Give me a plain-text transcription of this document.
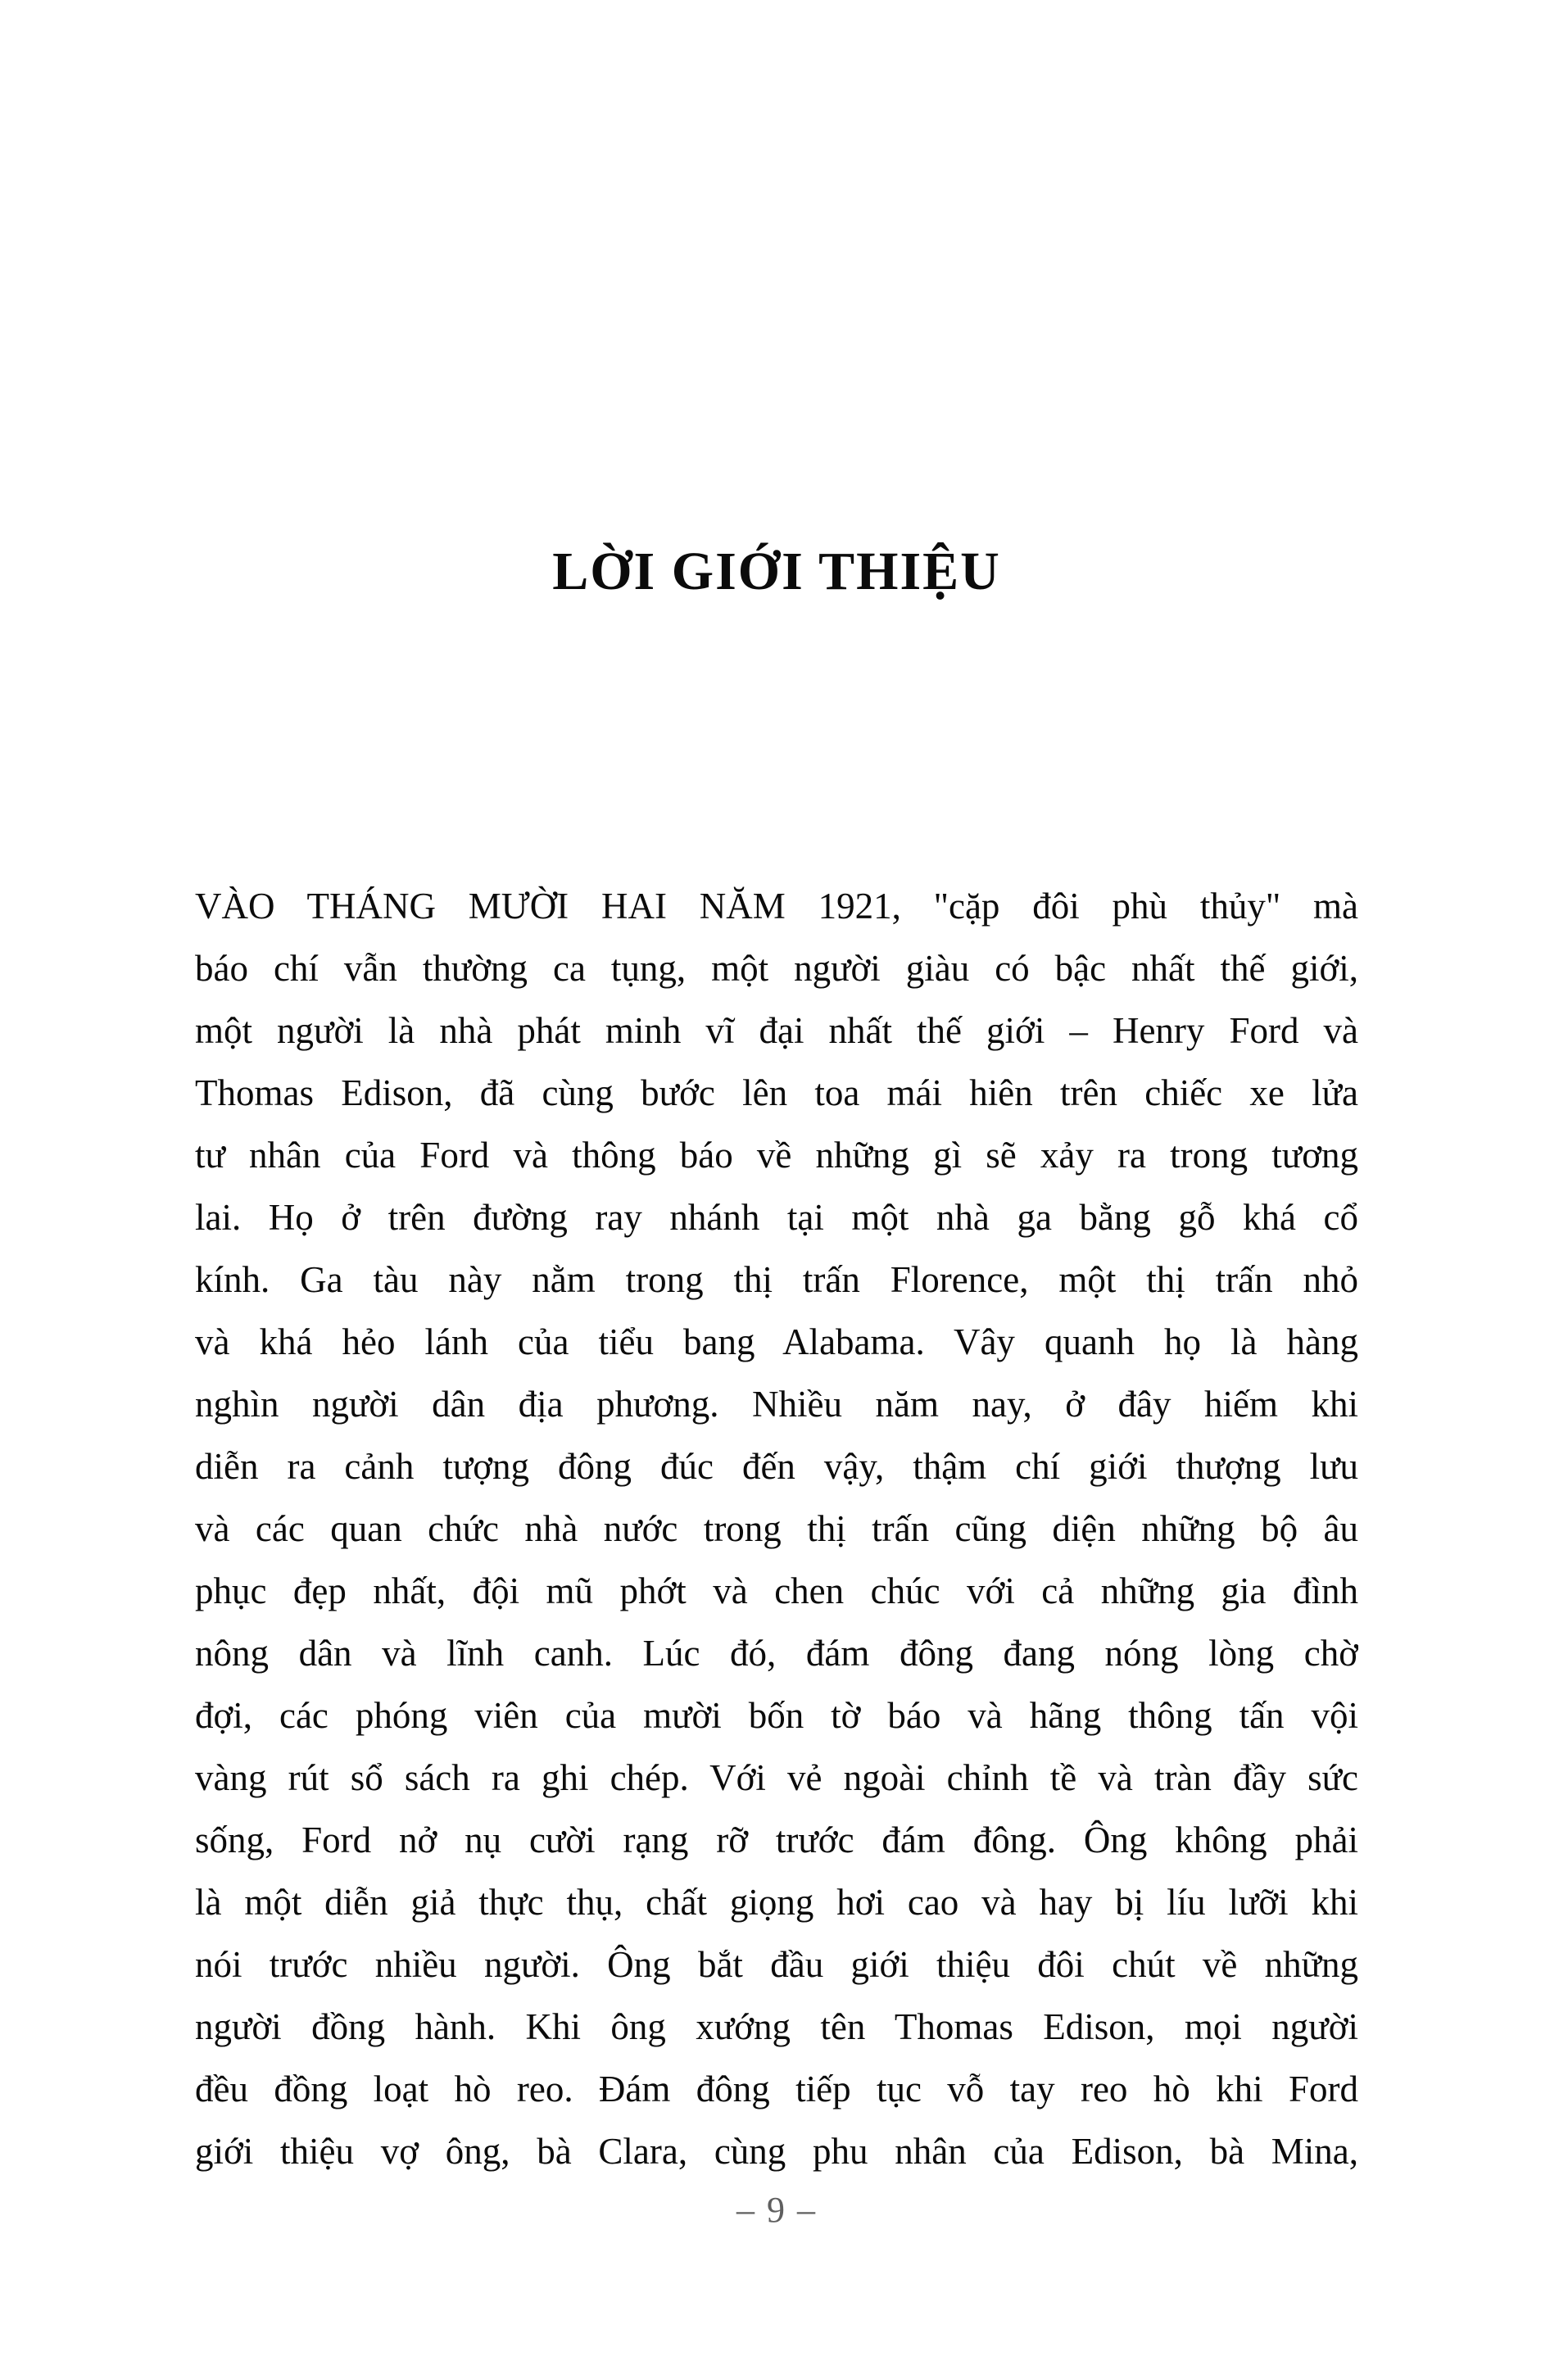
LỜI GIỚI THIỆU
VÀO THÁNG MƯỜI HAI NĂM 1921, "cặp đôi phù thủy" mà
báo chí vẫn thường ca tụng, một người giàu có bậc nhất thế giới,
một người là nhà phát minh vĩ đại nhất thế giới – Henry Ford và
Thomas Edison, đã cùng bước lên toa mái hiên trên chiếc xe lửa
tư nhân của Ford và thông báo về những gì sẽ xảy ra trong tương
lai. Họ ở trên đường ray nhánh tại một nhà ga bằng gỗ khá cổ
kính. Ga tàu này nằm trong thị trấn Florence, một thị trấn nhỏ
và khá hẻo lánh của tiểu bang Alabama. Vây quanh họ là hàng
nghìn người dân địa phương. Nhiều năm nay, ở đây hiếm khi
diễn ra cảnh tượng đông đúc đến vậy, thậm chí giới thượng lưu
và các quan chức nhà nước trong thị trấn cũng diện những bộ âu
phục đẹp nhất, đội mũ phớt và chen chúc với cả những gia đình
nông dân và lĩnh canh. Lúc đó, đám đông đang nóng lòng chờ
đợi, các phóng viên của mười bốn tờ báo và hãng thông tấn vội
vàng rút sổ sách ra ghi chép. Với vẻ ngoài chỉnh tề và tràn đầy sức
sống, Ford nở nụ cười rạng rỡ trước đám đông. Ông không phải
là một diễn giả thực thụ, chất giọng hơi cao và hay bị líu lưỡi khi
nói trước nhiều người. Ông bắt đầu giới thiệu đôi chút về những
người đồng hành. Khi ông xướng tên Thomas Edison, mọi người
đều đồng loạt hò reo. Đám đông tiếp tục vỗ tay reo hò khi Ford
giới thiệu vợ ông, bà Clara, cùng phu nhân của Edison, bà Mina,
– 9 –
